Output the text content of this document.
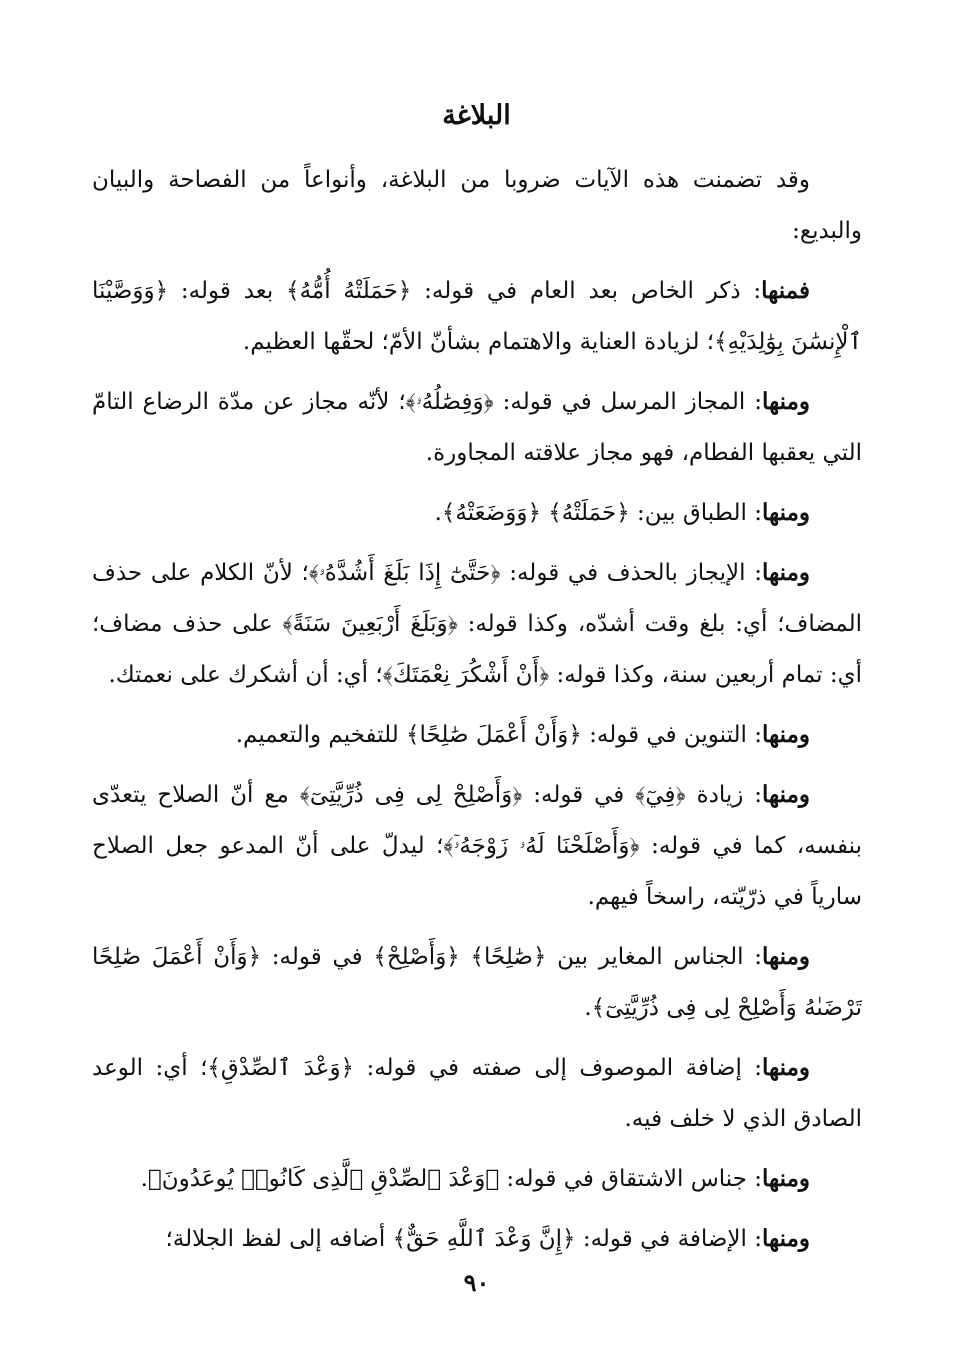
البلاغة

وقد تضمنت هذه الآيات ضروبا من البلاغة، وأنواعاً من الفصاحة والبيان والبديع:

فمنها: ذكر الخاص بعد العام في قوله: ﴿حَمَلَتْهُ أُمُّهُ﴾ بعد قوله: ﴿وَوَصَّيْنَا ٱلْإِنسَٰنَ بِوَٰلِدَيْهِ﴾؛ لزيادة العناية والاهتمام بشأنّ الأمّ؛ لحقّها العظيم.

ومنها: المجاز المرسل في قوله: ﴿وَفِصَٰلُهُۥ﴾؛ لأنّه مجاز عن مدّة الرضاع التامّ التي يعقبها الفطام، فهو مجاز علاقته المجاورة.

ومنها: الطباق بين: ﴿حَمَلَتْهُ﴾ ﴿وَوَضَعَتْهُ﴾.

ومنها: الإيجاز بالحذف في قوله: ﴿حَتَّىٰٓ إِذَا بَلَغَ أَشُدَّهُۥ﴾؛ لأنّ الكلام على حذف المضاف؛ أي: بلغ وقت أشدّه، وكذا قوله: ﴿وَبَلَغَ أَرْبَعِينَ سَنَةً﴾ على حذف مضاف؛ أي: تمام أربعين سنة، وكذا قوله: ﴿أَنْ أَشْكُرَ نِعْمَتَكَ﴾؛ أي: أن أشكرك على نعمتك.

ومنها: التنوين في قوله: ﴿وَأَنْ أَعْمَلَ صَٰلِحًا﴾ للتفخيم والتعميم.

ومنها: زيادة ﴿فِيٓ﴾ في قوله: ﴿وَأَصْلِحْ لِى فِى ذُرِّيَّتِىٓ﴾ مع أنّ الصلاح يتعدّى بنفسه، كما في قوله: ﴿وَأَصْلَحْنَا لَهُۥ زَوْجَهُۥٓ﴾؛ ليدلّ على أنّ المدعو جعل الصلاح سارياً في ذرّيّته، راسخاً فيهم.

ومنها: الجناس المغاير بين ﴿صَٰلِحًا﴾ ﴿وَأَصْلِحْ﴾ في قوله: ﴿وَأَنْ أَعْمَلَ صَٰلِحًا تَرْضَىٰهُ وَأَصْلِحْ لِى فِى ذُرِّيَّتِىٓ﴾.

ومنها: إضافة الموصوف إلى صفته في قوله: ﴿وَعْدَ ٱلصِّدْقِ﴾؛ أي: الوعد الصادق الذي لا خلف فيه.

ومنها: جناس الاشتقاق في قوله: ﴿وَعْدَ ٱلصِّدْقِ ٱلَّذِى كَانُوا۟ يُوعَدُونَ﴾.

ومنها: الإضافة في قوله: ﴿إِنَّ وَعْدَ ٱللَّهِ حَقٌّ﴾ أضافه إلى لفظ الجلالة؛

٩٠
